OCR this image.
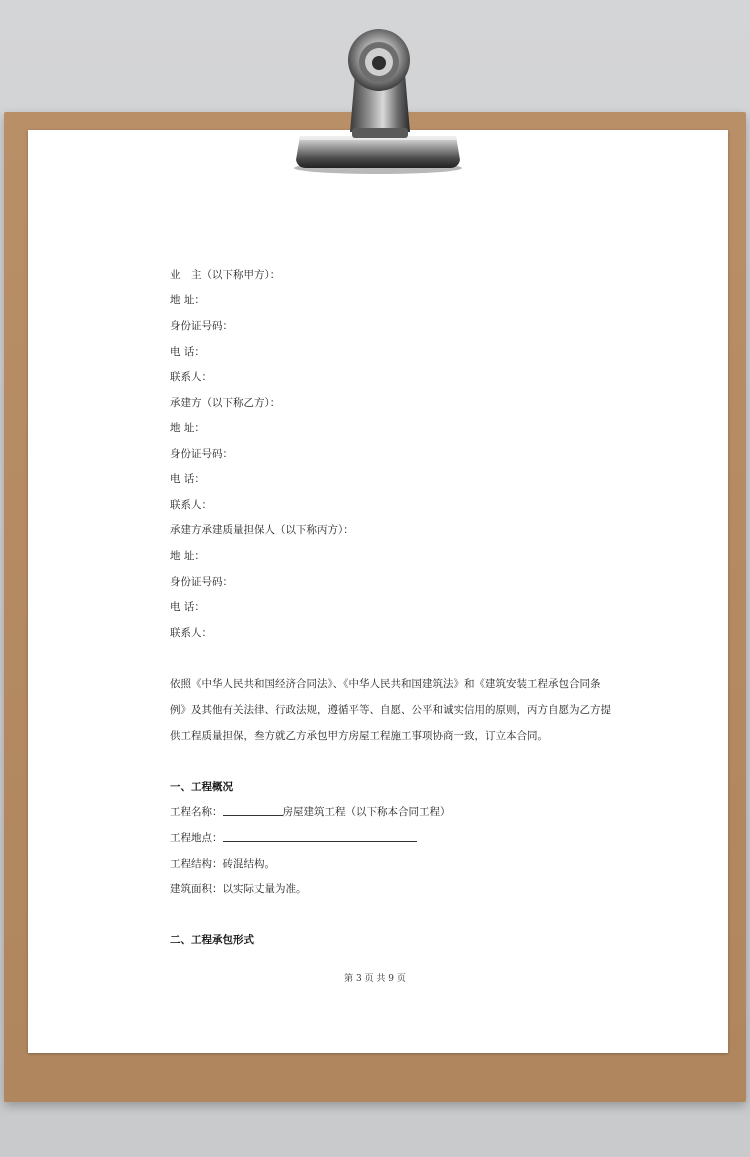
业　主（以下称甲方）：
地 址：
身份证号码：
电 话：
联系人：
承建方（以下称乙方）：
地 址：
身份证号码：
电 话：
联系人：
承建方承建质量担保人（以下称丙方）：
地 址：
身份证号码：
电 话：
联系人：
依照《中华人民共和国经济合同法》、《中华人民共和国建筑法》和《建筑安装工程承包合同条
例》及其他有关法律、行政法规，遵循平等、自愿、公平和诚实信用的原则，丙方自愿为乙方提
供工程质量担保，叁方就乙方承包甲方房屋工程施工事项协商一致，订立本合同。
一、工程概况
工程名称：	房屋建筑工程（以下称本合同工程）
工程地点：
工程结构：砖混结构。
建筑面积：以实际丈量为准。
二、工程承包形式
第 3 页 共 9 页
